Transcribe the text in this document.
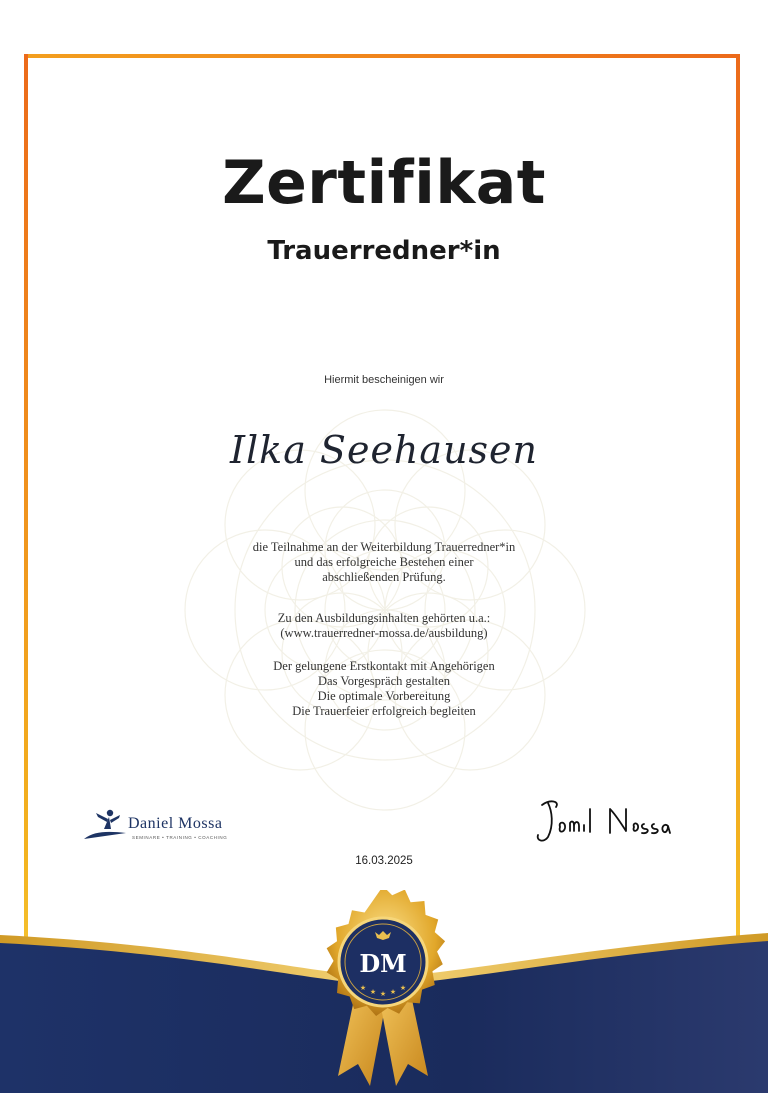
Zertifikat
Trauerredner*in
Hiermit bescheinigen wir
Ilka Seehausen
die Teilnahme an der Weiterbildung Trauerredner*in
und das erfolgreiche Bestehen einer
abschließenden Prüfung.
Zu den Ausbildungsinhalten gehörten u.a.:
(www.trauerredner-mossa.de/ausbildung)
Der gelungene Erstkontakt mit Angehörigen
Das Vorgespräch gestalten
Die optimale Vorbereitung
Die Trauerfeier erfolgreich begleiten
Daniel Mossa
SEMINARE • TRAINING • COACHING
16.03.2025
DM
★ ★ ★ ★ ★
